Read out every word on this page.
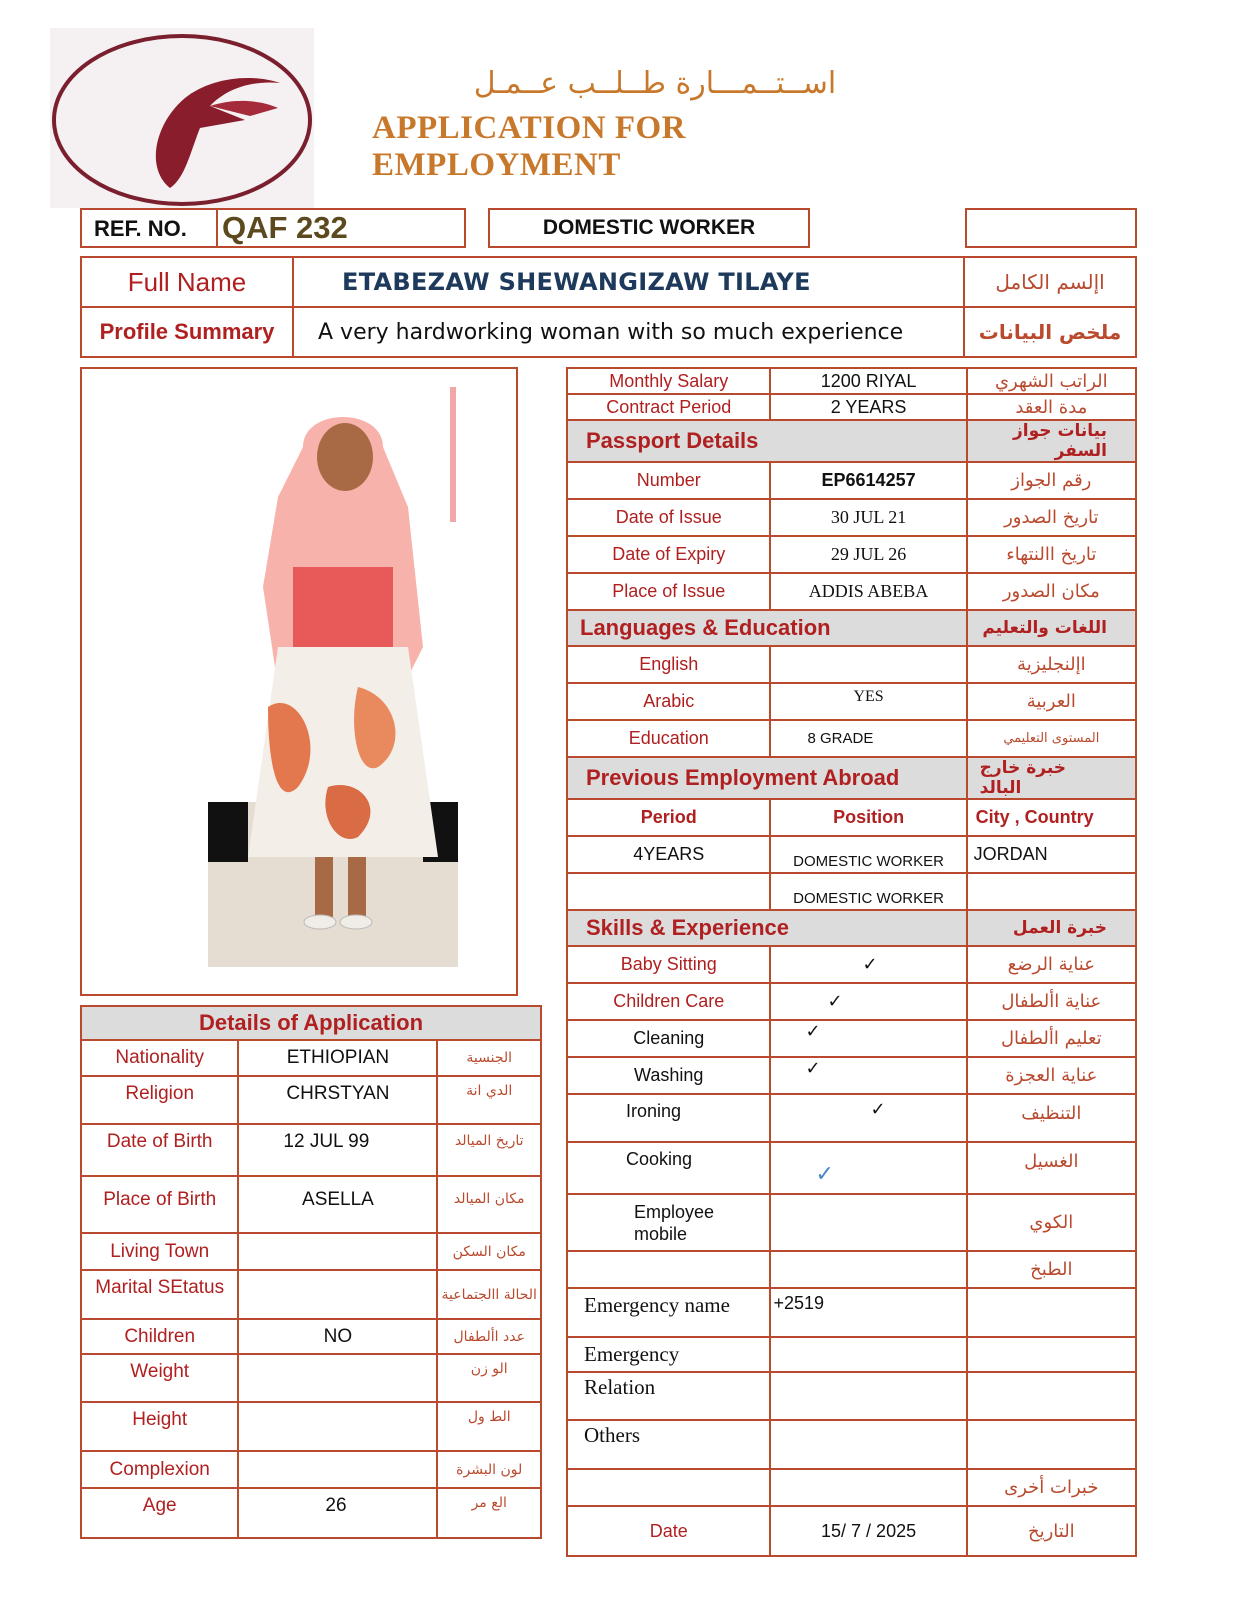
اســتــمـــارة طــلــب عــمـل
APPLICATION FOR EMPLOYMENT
REF. NO.	QAF 232	DOMESTIC WORKER
Full Name	ETABEZAW SHEWANGIZAW TILAYE	اإلسم الكامل
Profile Summary	A very hardworking woman with so much experience	ملخص البيانات
Monthly Salary	1200 RIYAL	الراتب الشهري
Contract Period	2 YEARS	مدة العقد
Passport Details		بيانات جواز السفر
Number	EP6614257	رقم الجواز
Date of Issue	30 JUL 21	تاريخ الصدور
Date of Expiry	29 JUL 26	تاريخ االنتهاء
Place of Issue	ADDIS ABEBA	مكان الصدور
Languages & Education		اللغات والتعليم
English		اإلنجليزية
Arabic	YES	العربية
Education	8 GRADE	المستوى التعليمي
Previous Employment Abroad		خبرة خارج البالد
Period	Position	City , Country
4YEARS	DOMESTIC WORKER	JORDAN
	DOMESTIC WORKER	
Skills & Experience		خبرة العمل
Baby Sitting	✓	عناية الرضع
Children Care	✓	عناية األطفال
Cleaning	✓	تعليم األطفال
Washing	✓	عناية العجزة
Ironing	✓	التنظيف
Cooking	✓	الغسيل
Employee mobile		الكوي
		الطبخ
Emergency name	+2519	
Emergency		
Relation		
Others		
		خبرات أخرى
Date	15/ 7 / 2025	التاريخ
Details of Application		
Nationality	ETHIOPIAN	الجنسية
Religion	CHRSTYAN	الدي انة
Date of Birth	12 JUL 99	تاريخ الميالد
Place of Birth	ASELLA	مكان الميالد
Living Town		مكان السكن
Marital SEtatus		الحالة االجتماعية
Children	NO	عدد األطفال
Weight		الو زن
Height		الط ول
Complexion		لون البشرة
Age	26	الع مر
